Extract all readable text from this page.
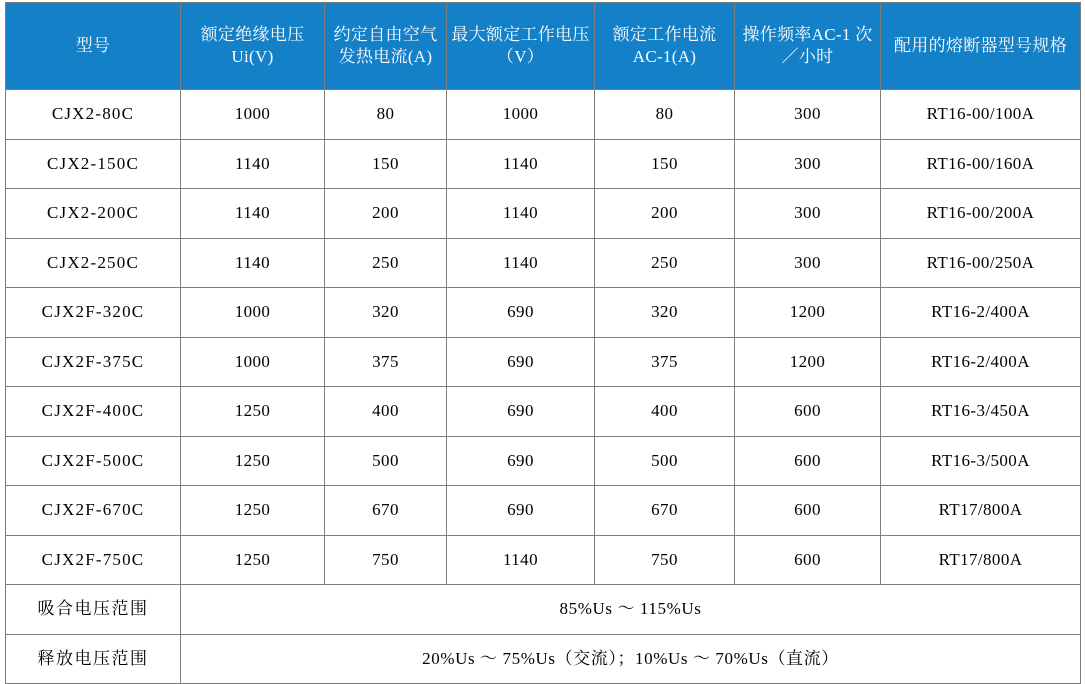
型号	额定绝缘电压 Ui(V)	约定自由空气发热电流(A)	最大额定工作电压（V）	额定工作电流 AC-1(A)	操作频率AC-1 次／小时	配用的熔断器型号规格
CJX2-80C	1000	80	1000	80	300	RT16-00/100A
CJX2-150C	1140	150	1140	150	300	RT16-00/160A
CJX2-200C	1140	200	1140	200	300	RT16-00/200A
CJX2-250C	1140	250	1140	250	300	RT16-00/250A
CJX2F-320C	1000	320	690	320	1200	RT16-2/400A
CJX2F-375C	1000	375	690	375	1200	RT16-2/400A
CJX2F-400C	1250	400	690	400	600	RT16-3/450A
CJX2F-500C	1250	500	690	500	600	RT16-3/500A
CJX2F-670C	1250	670	690	670	600	RT17/800A
CJX2F-750C	1250	750	1140	750	600	RT17/800A
吸合电压范围	85%Us ～ 115%Us					
释放电压范围	20%Us ～ 75%Us（交流）；10%Us ～ 70%Us（直流）					
